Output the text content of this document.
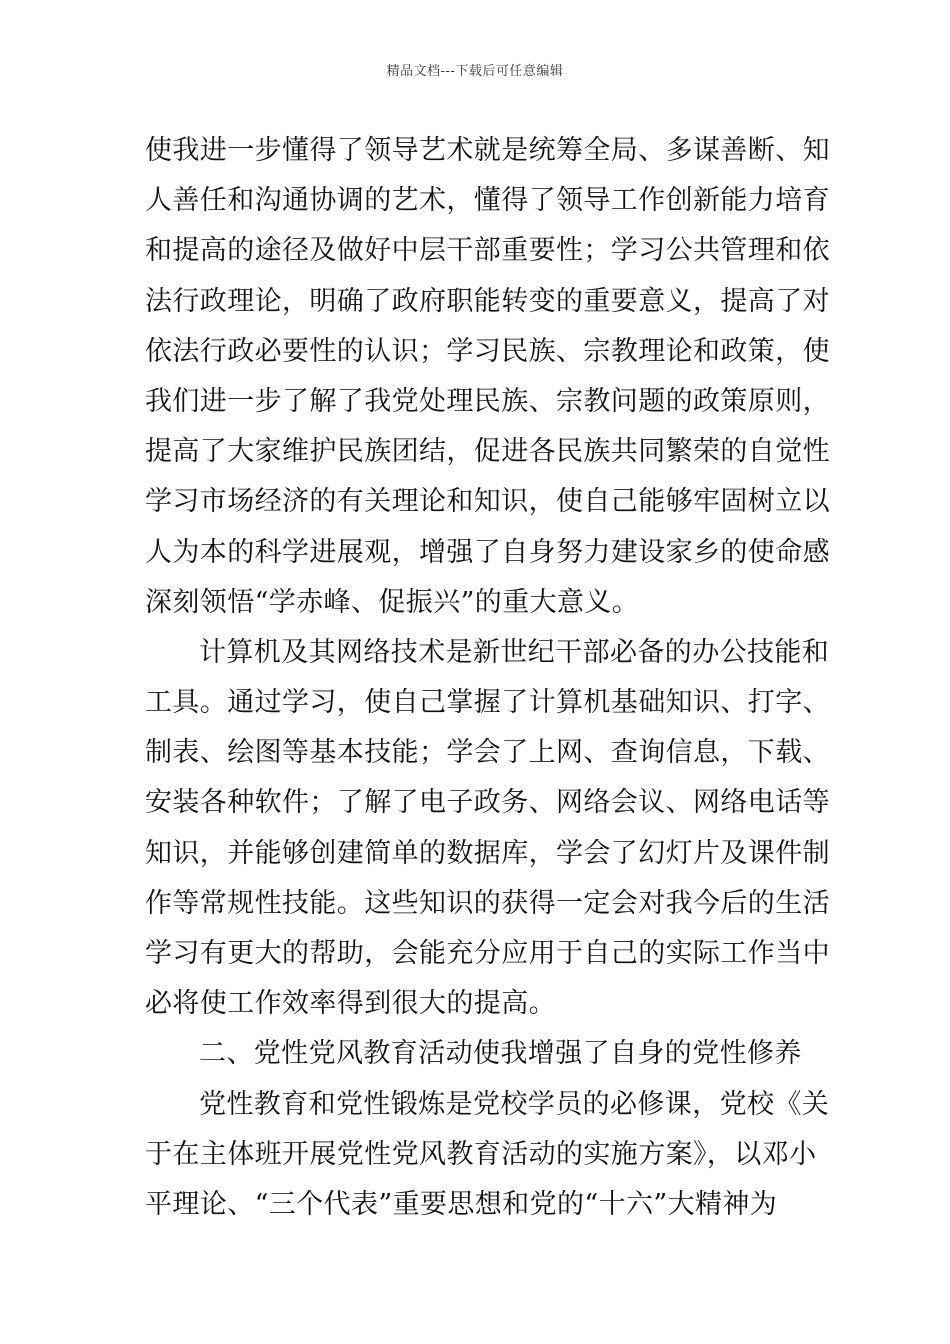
精品文档---下载后可任意编辑
使我进一步懂得了领导艺术就是统筹全局、多谋善断、知
人善任和沟通协调的艺术，懂得了领导工作创新能力培育
和提高的途径及做好中层干部重要性；学习公共管理和依
法行政理论，明确了政府职能转变的重要意义，提高了对
依法行政必要性的认识；学习民族、宗教理论和政策，使
我们进一步了解了我党处理民族、宗教问题的政策原则，
提高了大家维护民族团结，促进各民族共同繁荣的自觉性
学习市场经济的有关理论和知识，使自己能够牢固树立以
人为本的科学进展观，增强了自身努力建设家乡的使命感
深刻领悟“学赤峰、促振兴”的重大意义。
计算机及其网络技术是新世纪干部必备的办公技能和
工具。通过学习，使自己掌握了计算机基础知识、打字、
制表、绘图等基本技能；学会了上网、查询信息，下载、
安装各种软件；了解了电子政务、网络会议、网络电话等
知识，并能够创建简单的数据库，学会了幻灯片及课件制
作等常规性技能。这些知识的获得一定会对我今后的生活
学习有更大的帮助，会能充分应用于自己的实际工作当中
必将使工作效率得到很大的提高。
二、党性党风教育活动使我增强了自身的党性修养
党性教育和党性锻炼是党校学员的必修课，党校《关
于在主体班开展党性党风教育活动的实施方案》，以邓小
平理论、“三个代表”重要思想和党的“十六”大精神为
